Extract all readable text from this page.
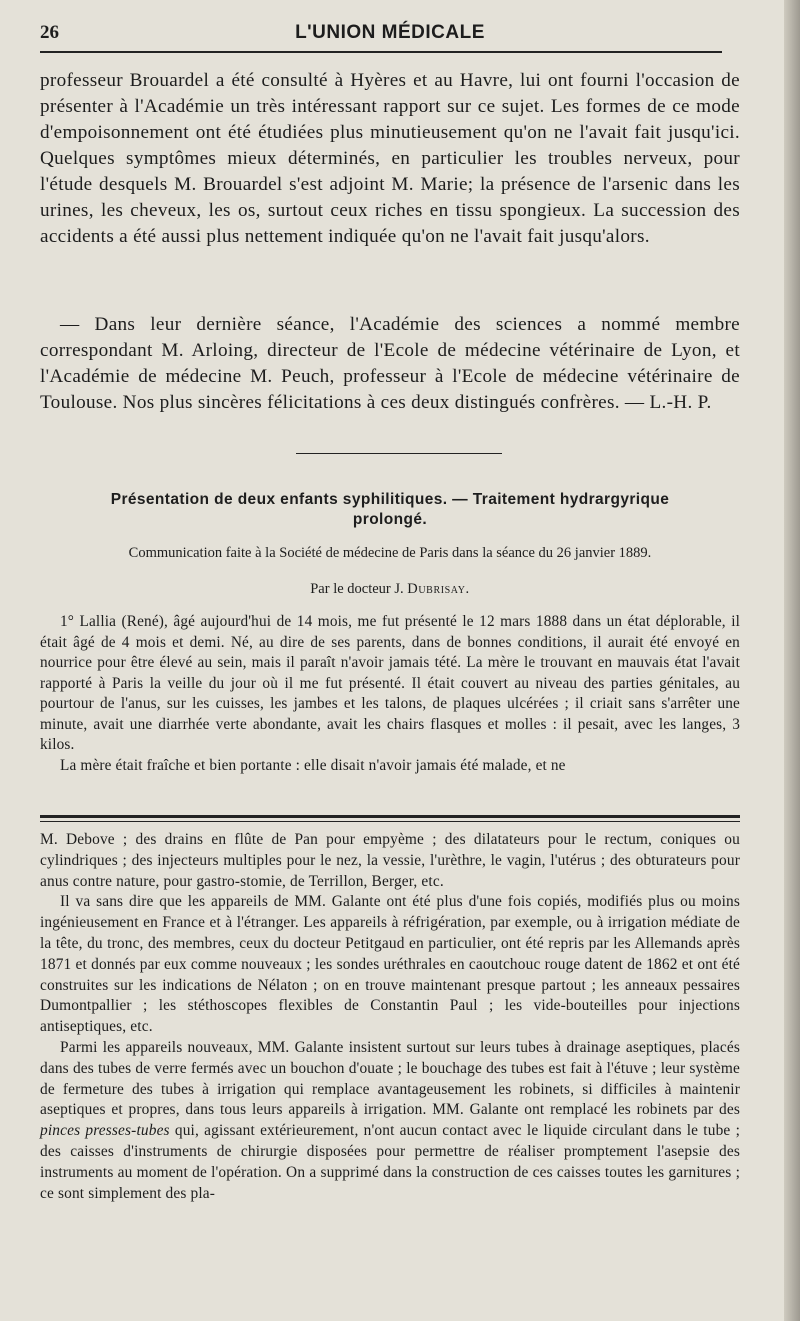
26	L'UNION MÉDICALE

professeur Brouardel a été consulté à Hyères et au Havre, lui ont fourni l'occasion de présenter à l'Académie un très intéressant rapport sur ce sujet. Les formes de ce mode d'empoisonnement ont été étudiées plus minutieusement qu'on ne l'avait fait jusqu'ici. Quelques symptômes mieux déterminés, en particulier les troubles nerveux, pour l'étude desquels M. Brouardel s'est adjoint M. Marie; la présence de l'arsenic dans les urines, les cheveux, les os, surtout ceux riches en tissu spongieux. La succession des accidents a été aussi plus nettement indiquée qu'on ne l'avait fait jusqu'alors.

— Dans leur dernière séance, l'Académie des sciences a nommé membre correspondant M. Arloing, directeur de l'Ecole de médecine vétérinaire de Lyon, et l'Académie de médecine M. Peuch, professeur à l'Ecole de médecine vétérinaire de Toulouse. Nos plus sincères félicitations à ces deux distingués confrères. — L.-H. P.

Présentation de deux enfants syphilitiques. — Traitement hydrargyrique
prolongé.
Communication faite à la Société de médecine de Paris dans la séance du 26 janvier 1889.
Par le docteur J. Dubrisay.

1° Lallia (René), âgé aujourd'hui de 14 mois, me fut présenté le 12 mars 1888 dans un état déplorable, il était âgé de 4 mois et demi. Né, au dire de ses parents, dans de bonnes conditions, il aurait été envoyé en nourrice pour être élevé au sein, mais il paraît n'avoir jamais tété. La mère le trouvant en mauvais état l'avait rapporté à Paris la veille du jour où il me fut présenté. Il était couvert au niveau des parties génitales, au pourtour de l'anus, sur les cuisses, les jambes et les talons, de plaques ulcérées ; il criait sans s'arrêter une minute, avait une diarrhée verte abondante, avait les chairs flasques et molles : il pesait, avec les langes, 3 kilos.

La mère était fraîche et bien portante : elle disait n'avoir jamais été malade, et ne

M. Debove ; des drains en flûte de Pan pour empyème ; des dilatateurs pour le rectum, coniques ou cylindriques ; des injecteurs multiples pour le nez, la vessie, l'urèthre, le vagin, l'utérus ; des obturateurs pour anus contre nature, pour gastro-stomie, de Terrillon, Berger, etc.

Il va sans dire que les appareils de MM. Galante ont été plus d'une fois copiés, modifiés plus ou moins ingénieusement en France et à l'étranger. Les appareils à réfrigération, par exemple, ou à irrigation médiate de la tête, du tronc, des membres, ceux du docteur Petitgaud en particulier, ont été repris par les Allemands après 1871 et donnés par eux comme nouveaux ; les sondes uréthrales en caoutchouc rouge datent de 1862 et ont été construites sur les indications de Nélaton ; on en trouve maintenant presque partout ; les anneaux pessaires Dumontpallier ; les stéthoscopes flexibles de Constantin Paul ; les vide-bouteilles pour injections antiseptiques, etc.

Parmi les appareils nouveaux, MM. Galante insistent surtout sur leurs tubes à drainage aseptiques, placés dans des tubes de verre fermés avec un bouchon d'ouate ; le bouchage des tubes est fait à l'étuve ; leur système de fermeture des tubes à irrigation qui remplace avantageusement les robinets, si difficiles à maintenir aseptiques et propres, dans tous leurs appareils à irrigation. MM. Galante ont remplacé les robinets par des pinces presses-tubes qui, agissant extérieurement, n'ont aucun contact avec le liquide circulant dans le tube ; des caisses d'instruments de chirurgie disposées pour permettre de réaliser promptement l'asepsie des instruments au moment de l'opération. On a supprimé dans la construction de ces caisses toutes les garnitures ; ce sont simplement des pla-
